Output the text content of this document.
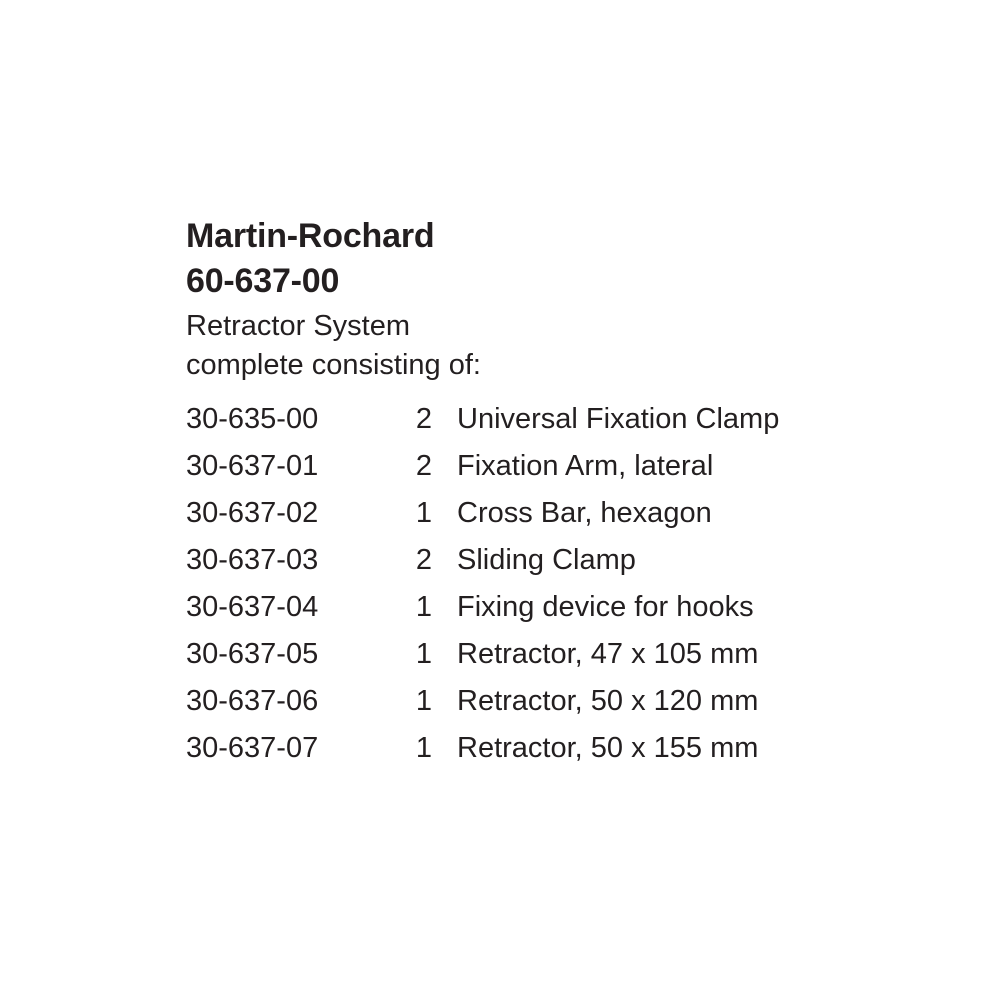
Martin-Rochard
60-637-00
Retractor System
complete consisting of:
30-635-00	2 Universal Fixation Clamp
30-637-01	2 Fixation Arm, lateral
30-637-02	1 Cross Bar, hexagon
30-637-03	2 Sliding Clamp
30-637-04	1 Fixing device for hooks
30-637-05	1 Retractor, 47 x 105 mm
30-637-06	1 Retractor, 50 x 120 mm
30-637-07	1 Retractor, 50 x 155 mm
